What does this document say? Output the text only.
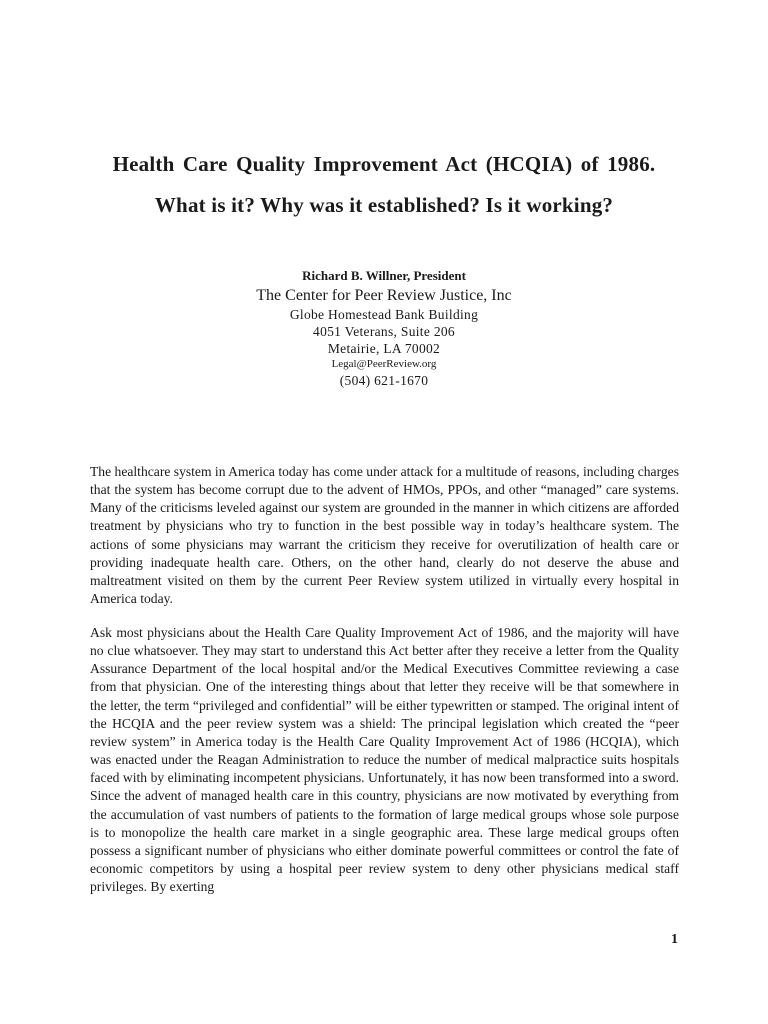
Health Care Quality Improvement Act (HCQIA) of 1986.
What is it? Why was it established? Is it working?
Richard B. Willner, President
The Center for Peer Review Justice, Inc
Globe Homestead Bank Building
4051 Veterans, Suite 206
Metairie, LA 70002
Legal@PeerReview.org
(504) 621-1670

The healthcare system in America today has come under attack for a multitude of reasons, including charges that the system has become corrupt due to the advent of HMOs, PPOs, and other “managed” care systems. Many of the criticisms leveled against our system are grounded in the manner in which citizens are afforded treatment by physicians who try to function in the best possible way in today’s healthcare system. The actions of some physicians may warrant the criticism they receive for overutilization of health care or providing inadequate health care. Others, on the other hand, clearly do not deserve the abuse and maltreatment visited on them by the current Peer Review system utilized in virtually every hospital in America today.

Ask most physicians about the Health Care Quality Improvement Act of 1986, and the majority will have no clue whatsoever. They may start to understand this Act better after they receive a letter from the Quality Assurance Department of the local hospital and/or the Medical Executives Committee reviewing a case from that physician. One of the interesting things about that letter they receive will be that somewhere in the letter, the term “privileged and confidential” will be either typewritten or stamped. The original intent of the HCQIA and the peer review system was a shield: The principal legislation which created the “peer review system” in America today is the Health Care Quality Improvement Act of 1986 (HCQIA), which was enacted under the Reagan Administration to reduce the number of medical malpractice suits hospitals faced with by eliminating incompetent physicians. Unfortunately, it has now been transformed into a sword. Since the advent of managed health care in this country, physicians are now motivated by everything from the accumulation of vast numbers of patients to the formation of large medical groups whose sole purpose is to monopolize the health care market in a single geographic area. These large medical groups often possess a significant number of physicians who either dominate powerful committees or control the fate of economic competitors by using a hospital peer review system to deny other physicians medical staff privileges. By exerting

1
